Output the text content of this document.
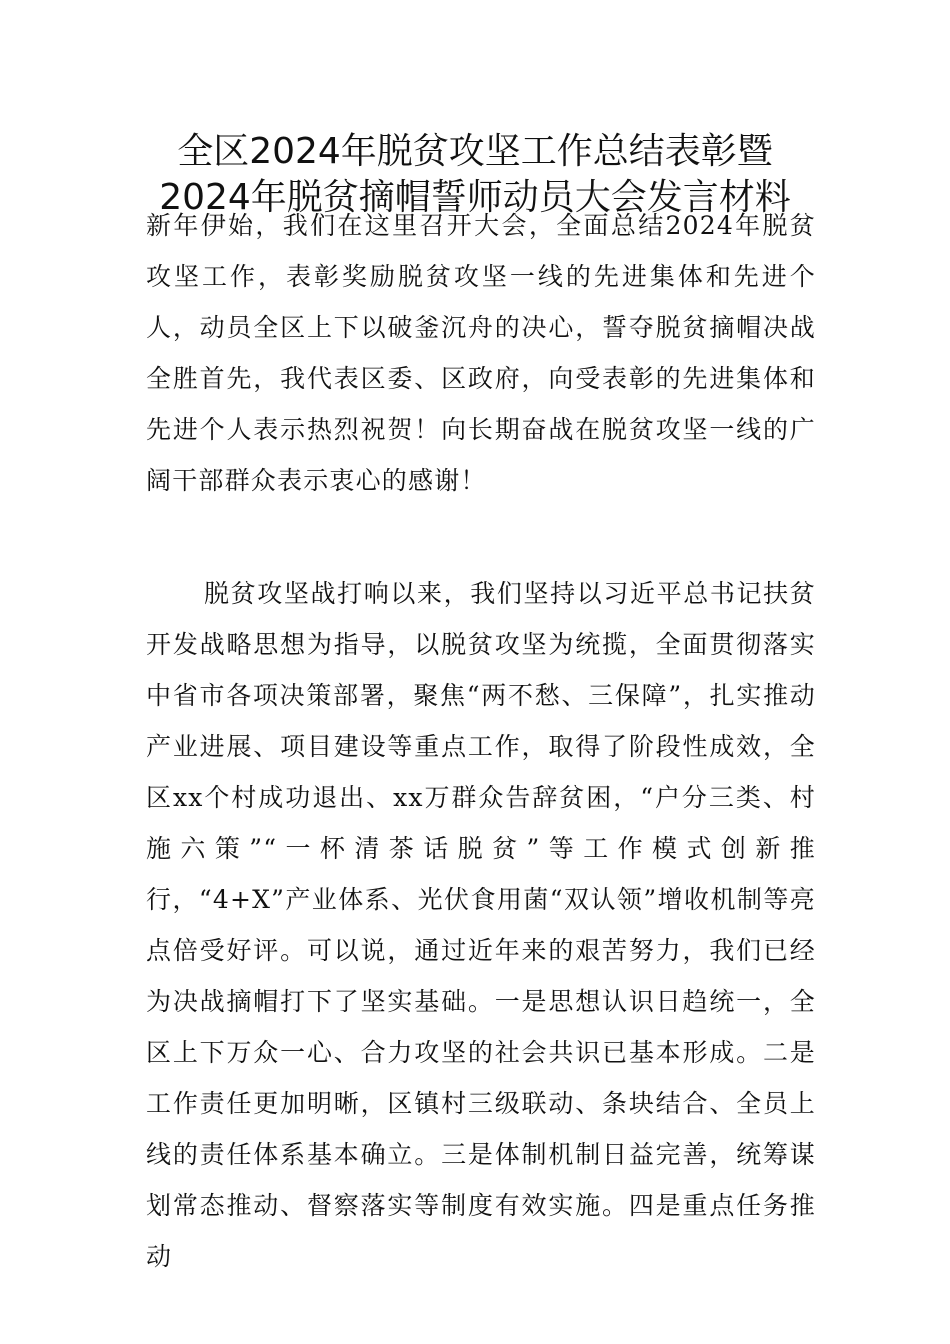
全区2024年脱贫攻坚工作总结表彰暨
2024年脱贫摘帽誓师动员大会发言材料

新年伊始，我们在这里召开大会，全面总结2024年脱贫攻坚工作，表彰奖励脱贫攻坚一线的先进集体和先进个人，动员全区上下以破釜沉舟的决心，誓夺脱贫摘帽决战全胜首先，我代表区委、区政府，向受表彰的先进集体和先进个人表示热烈祝贺！向长期奋战在脱贫攻坚一线的广阔干部群众表示衷心的感谢！

脱贫攻坚战打响以来，我们坚持以习近平总书记扶贫开发战略思想为指导，以脱贫攻坚为统揽，全面贯彻落实中省市各项决策部署，聚焦“两不愁、三保障”，扎实推动产业进展、项目建设等重点工作，取得了阶段性成效，全区xx个村成功退出、xx万群众告辞贫困，“户分三类、村施六策”“一杯清茶话脱贫”等工作模式创新推行，“4+X”产业体系、光伏食用菌“双认领”增收机制等亮点倍受好评。可以说，通过近年来的艰苦努力，我们已经为决战摘帽打下了坚实基础。一是思想认识日趋统一，全区上下万众一心、合力攻坚的社会共识已基本形成。二是工作责任更加明晰，区镇村三级联动、条块结合、全员上线的责任体系基本确立。三是体制机制日益完善，统筹谋划常态推动、督察落实等制度有效实施。四是重点任务推动
